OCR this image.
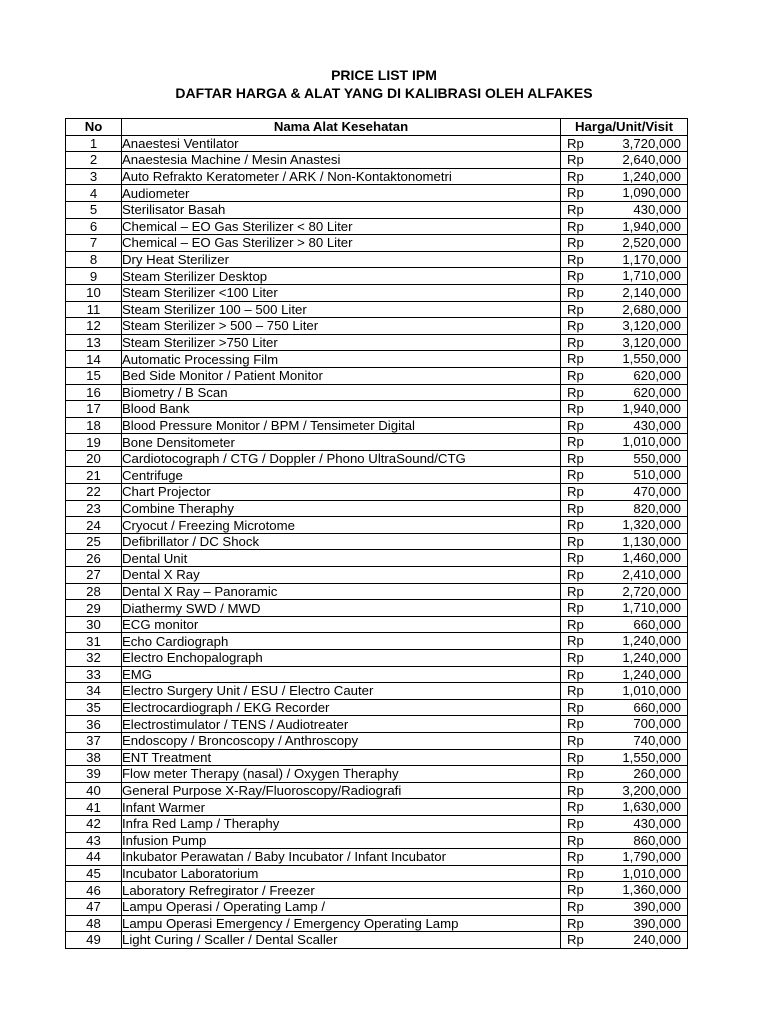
PRICE LIST IPM

DAFTAR HARGA & ALAT YANG DI KALIBRASI OLEH ALFAKES

No	Nama Alat Kesehatan	Harga/Unit/Visit
1	Anaestesi Ventilator	Rp 3,720,000

2	Anaestesia Machine / Mesin Anastesi	Rp 2,640,000

3	Auto Refrakto Keratometer / ARK / Non-Kontaktonometri	Rp 1,240,000

4	Audiometer	Rp 1,090,000

5	Sterilisator Basah	Rp 430,000

6	Chemical – EO Gas Sterilizer < 80 Liter	Rp 1,940,000

7	Chemical – EO Gas Sterilizer > 80 Liter	Rp 2,520,000

8	Dry Heat Sterilizer	Rp 1,170,000

9	Steam Sterilizer Desktop	Rp 1,710,000

10	Steam Sterilizer <100 Liter	Rp 2,140,000

11	Steam Sterilizer 100 – 500 Liter	Rp 2,680,000

12	Steam Sterilizer > 500 – 750 Liter	Rp 3,120,000

13	Steam Sterilizer >750 Liter	Rp 3,120,000

14	Automatic Processing Film	Rp 1,550,000

15	Bed Side Monitor / Patient Monitor	Rp 620,000

16	Biometry / B Scan	Rp 620,000

17	Blood Bank	Rp 1,940,000

18	Blood Pressure Monitor / BPM / Tensimeter Digital	Rp 430,000

19	Bone Densitometer	Rp 1,010,000

20	Cardiotocograph / CTG / Doppler / Phono UltraSound/CTG	Rp 550,000

21	Centrifuge	Rp 510,000

22	Chart Projector	Rp 470,000

23	Combine Theraphy	Rp 820,000

24	Cryocut / Freezing Microtome	Rp 1,320,000

25	Defibrillator / DC Shock	Rp 1,130,000

26	Dental Unit	Rp 1,460,000

27	Dental X Ray	Rp 2,410,000

28	Dental X Ray – Panoramic	Rp 2,720,000

29	Diathermy SWD / MWD	Rp 1,710,000

30	ECG monitor	Rp 660,000

31	Echo Cardiograph	Rp 1,240,000

32	Electro Enchopalograph	Rp 1,240,000

33	EMG	Rp 1,240,000

34	Electro Surgery Unit / ESU / Electro Cauter	Rp 1,010,000

35	Electrocardiograph / EKG Recorder	Rp 660,000

36	Electrostimulator / TENS / Audiotreater	Rp 700,000

37	Endoscopy / Broncoscopy / Anthroscopy	Rp 740,000

38	ENT Treatment	Rp 1,550,000

39	Flow meter Therapy (nasal) / Oxygen Theraphy	Rp 260,000

40	General Purpose X-Ray/Fluoroscopy/Radiografi	Rp 3,200,000

41	Infant Warmer	Rp 1,630,000

42	Infra Red Lamp / Theraphy	Rp 430,000

43	Infusion Pump	Rp 860,000

44	Inkubator Perawatan / Baby Incubator / Infant Incubator	Rp 1,790,000

45	Incubator Laboratorium	Rp 1,010,000

46	Laboratory Refregirator / Freezer	Rp 1,360,000

47	Lampu Operasi / Operating Lamp /	Rp 390,000

48	Lampu Operasi Emergency / Emergency Operating Lamp	Rp 390,000

49	Light Curing / Scaller / Dental Scaller	Rp 240,000
